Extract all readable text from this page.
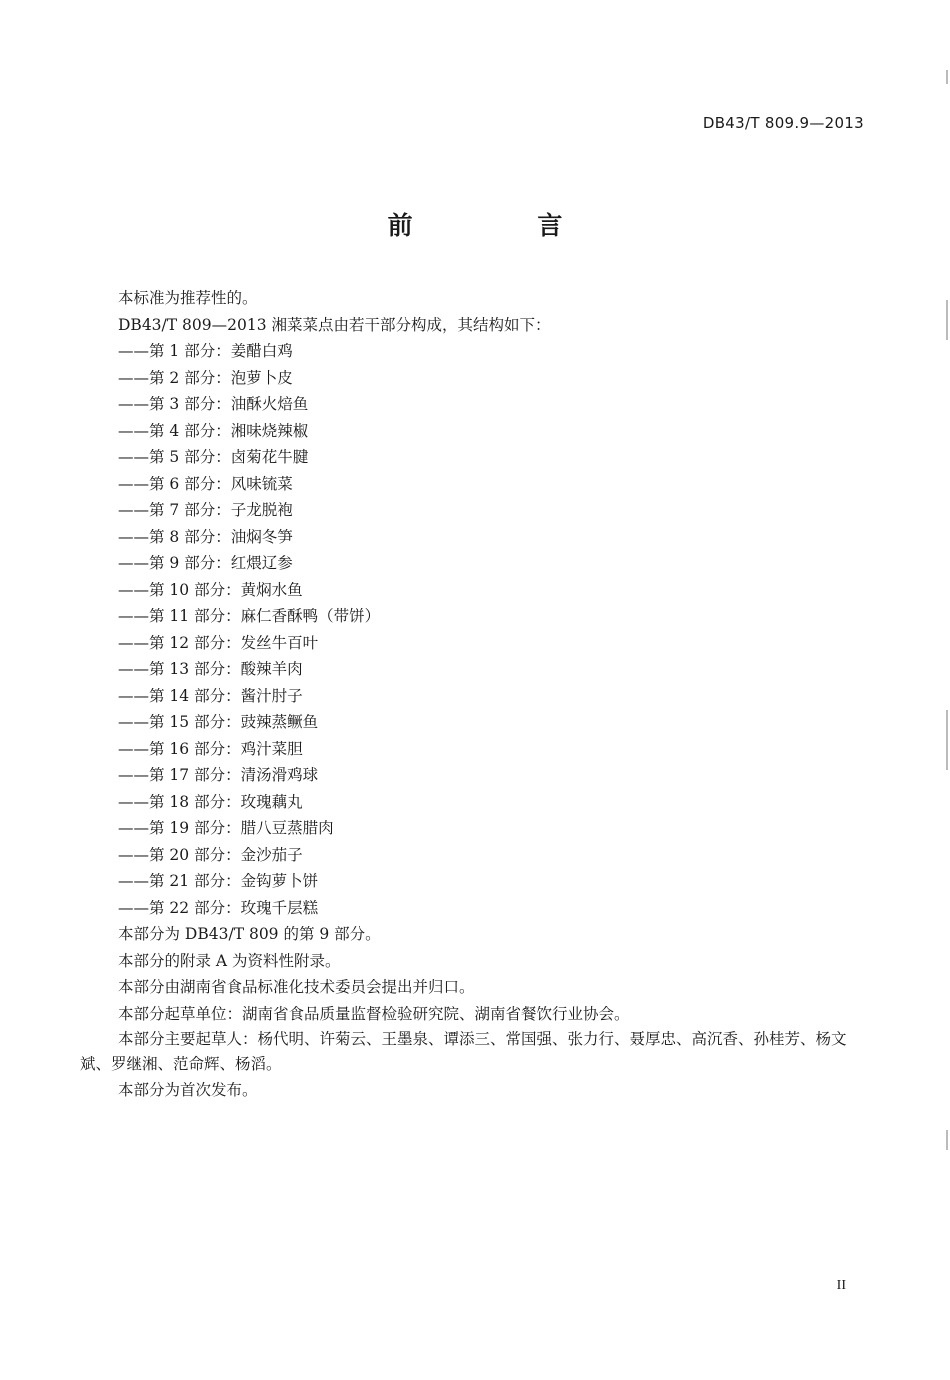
DB43/T 809.9—2013
前 言
本标准为推荐性的。
DB43/T 809—2013 湘菜菜点由若干部分构成，其结构如下：
——第 1 部分：姜醋白鸡
——第 2 部分：泡萝卜皮
——第 3 部分：油酥火焙鱼
——第 4 部分：湘味烧辣椒
——第 5 部分：卤菊花牛腱
——第 6 部分：风味锍菜
——第 7 部分：子龙脱袍
——第 8 部分：油焖冬笋
——第 9 部分：红煨辽参
——第 10 部分：黄焖水鱼
——第 11 部分：麻仁香酥鸭（带饼）
——第 12 部分：发丝牛百叶
——第 13 部分：酸辣羊肉
——第 14 部分：酱汁肘子
——第 15 部分：豉辣蒸鳜鱼
——第 16 部分：鸡汁菜胆
——第 17 部分：清汤滑鸡球
——第 18 部分：玫瑰藕丸
——第 19 部分：腊八豆蒸腊肉
——第 20 部分：金沙茄子
——第 21 部分：金钩萝卜饼
——第 22 部分：玫瑰千层糕
本部分为 DB43/T 809 的第 9 部分。
本部分的附录 A 为资料性附录。
本部分由湖南省食品标准化技术委员会提出并归口。
本部分起草单位：湖南省食品质量监督检验研究院、湖南省餐饮行业协会。
本部分主要起草人：杨代明、许菊云、王墨泉、谭添三、常国强、张力行、聂厚忠、高沉香、孙桂芳、杨文斌、罗继湘、范命辉、杨滔。
本部分为首次发布。
II
